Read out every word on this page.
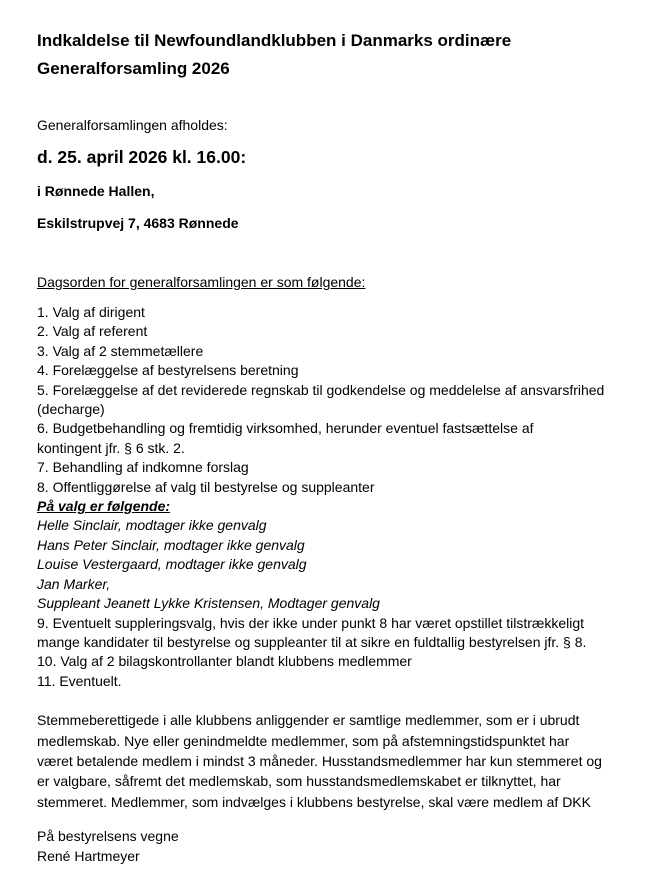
Indkaldelse til Newfoundlandklubben i Danmarks ordinære Generalforsamling 2026
Generalforsamlingen afholdes:
d. 25. april 2026 kl. 16.00:
i Rønnede Hallen,
Eskilstrupvej 7, 4683 Rønnede
Dagsorden for generalforsamlingen er som følgende:
1. Valg af dirigent
2. Valg af referent
3. Valg af 2 stemmetællere
4. Forelæggelse af bestyrelsens beretning
5. Forelæggelse af det reviderede regnskab til godkendelse og meddelelse af ansvarsfrihed
(decharge)
6. Budgetbehandling og fremtidig virksomhed, herunder eventuel fastsættelse af
kontingent jfr. § 6 stk. 2.
7. Behandling af indkomne forslag
8. Offentliggørelse af valg til bestyrelse og suppleanter
På valg er følgende:
Helle Sinclair, modtager ikke genvalg
Hans Peter Sinclair, modtager ikke genvalg
Louise Vestergaard, modtager ikke genvalg
Jan Marker,
Suppleant Jeanett Lykke Kristensen, Modtager genvalg
9. Eventuelt suppleringsvalg, hvis der ikke under punkt 8 har været opstillet tilstrækkeligt
mange kandidater til bestyrelse og suppleanter til at sikre en fuldtallig bestyrelsen jfr. § 8.
10. Valg af 2 bilagskontrollanter blandt klubbens medlemmer
11. Eventuelt.
Stemmeberettigede i alle klubbens anliggender er samtlige medlemmer, som er i ubrudt
medlemskab. Nye eller genindmeldte medlemmer, som på afstemningstidspunktet har
været betalende medlem i mindst 3 måneder. Husstandsmedlemmer har kun stemmeret og
er valgbare, såfremt det medlemskab, som husstandsmedlemskabet er tilknyttet, har
stemmeret. Medlemmer, som indvælges i klubbens bestyrelse, skal være medlem af DKK
På bestyrelsens vegne
René Hartmeyer
